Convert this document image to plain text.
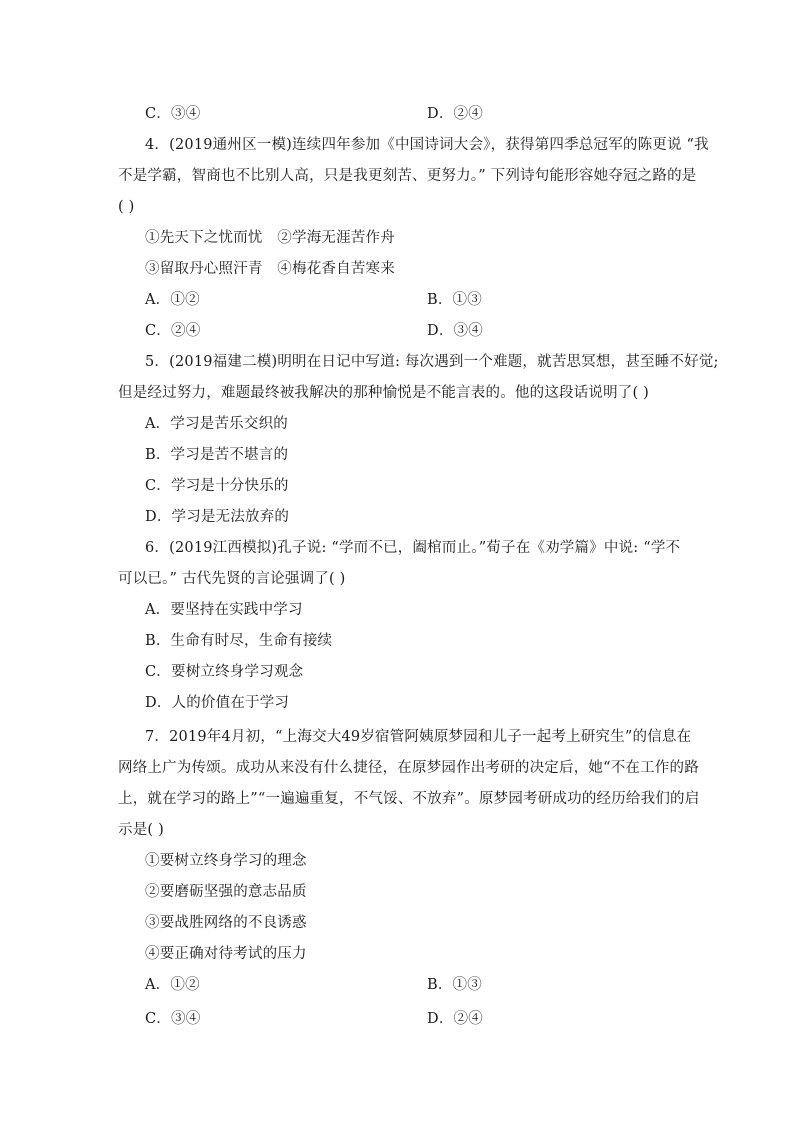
C．③④	D．②④
4．(2019通州区一模)连续四年参加《中国诗词大会》，获得第四季总冠军的陈更说 “我
不是学霸，智商也不比别人高，只是我更刻苦、更努力。” 下列诗句能形容她夺冠之路的是
( )
①先天下之忧而忧　②学海无涯苦作舟
③留取丹心照汗青　④梅花香自苦寒来
A．①②	B．①③
C．②④	D．③④
5．(2019福建二模)明明在日记中写道: 每次遇到一个难题，就苦思冥想，甚至睡不好觉;
但是经过努力，难题最终被我解决的那种愉悦是不能言表的。他的这段话说明了( )
A．学习是苦乐交织的
B．学习是苦不堪言的
C．学习是十分快乐的
D．学习是无法放弃的
6．(2019江西模拟)孔子说: “学而不已，阖棺而止。”荀子在《劝学篇》中说: “学不
可以已。” 古代先贤的言论强调了( )
A．要坚持在实践中学习
B．生命有时尽，生命有接续
C．要树立终身学习观念
D．人的价值在于学习
7．2019年4月初，“上海交大49岁宿管阿姨原梦园和儿子一起考上研究生”的信息在
网络上广为传颂。成功从来没有什么捷径，在原梦园作出考研的决定后，她“不在工作的路
上，就在学习的路上”“一遍遍重复，不气馁、不放弃”。原梦园考研成功的经历给我们的启
示是( )
①要树立终身学习的理念
②要磨砺坚强的意志品质
③要战胜网络的不良诱惑
④要正确对待考试的压力
A．①②	B．①③
C．③④	D．②④
